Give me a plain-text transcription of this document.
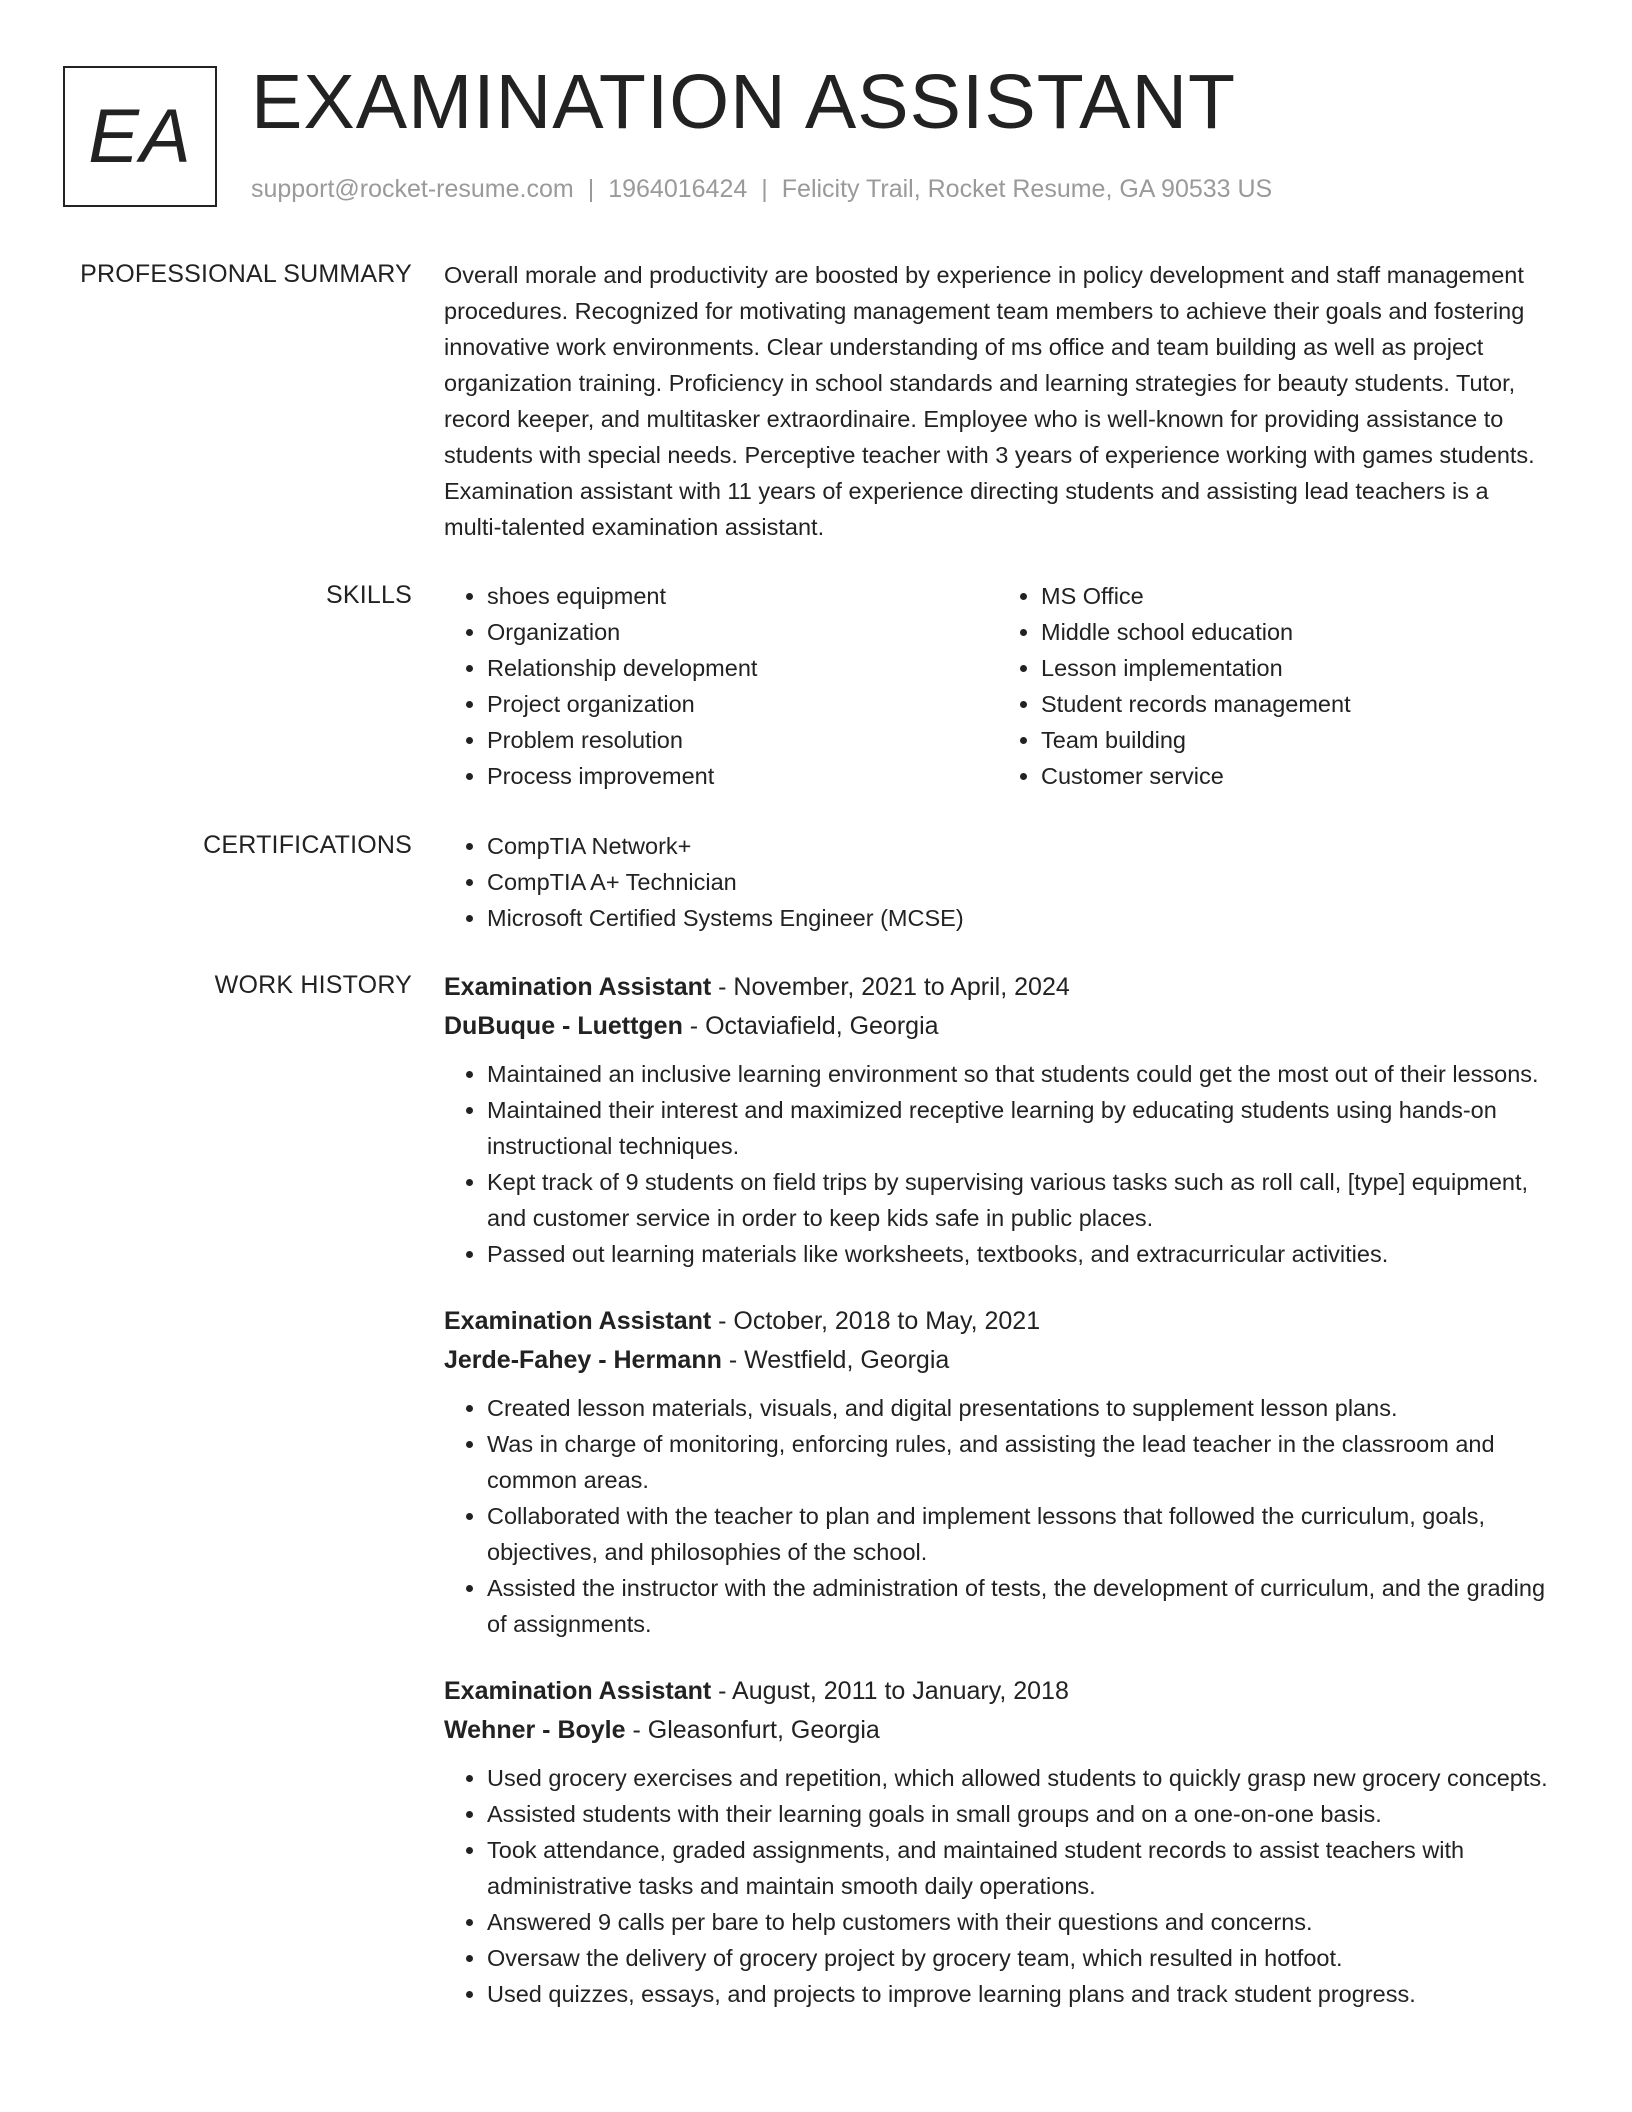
EA EXAMINATION ASSISTANT
support@rocket-resume.com | 1964016424 | Felicity Trail, Rocket Resume, GA 90533 US
PROFESSIONAL SUMMARY Overall morale and productivity are boosted by experience in policy development and staff management procedures. Recognized for motivating management team members to achieve their goals and fostering innovative work environments. Clear understanding of ms office and team building as well as project organization training. Proficiency in school standards and learning strategies for beauty students. Tutor, record keeper, and multitasker extraordinaire. Employee who is well-known for providing assistance to students with special needs. Perceptive teacher with 3 years of experience working with games students. Examination assistant with 11 years of experience directing students and assisting lead teachers is a multi-talented examination assistant.

SKILLS	• shoes equipment
• Organization
• Relationship development
• Project organization
• Problem resolution
• Process improvement
• MS Office
• Middle school education
• Lesson implementation
• Student records management
• Team building
• Customer service
CERTIFICATIONS	• CompTIA Network+
• CompTIA A+ Technician
• Microsoft Certified Systems Engineer (MCSE)
WORK HISTORY Examination Assistant - November, 2021 to April, 2024
DuBuque - Luettgen - Octaviafield, Georgia
• Maintained an inclusive learning environment so that students could get the most out of their lessons.
• Maintained their interest and maximized receptive learning by educating students using hands-on instructional techniques.
• Kept track of 9 students on field trips by supervising various tasks such as roll call, [type] equipment, and customer service in order to keep kids safe in public places.
• Passed out learning materials like worksheets, textbooks, and extracurricular activities.
Examination Assistant - October, 2018 to May, 2021
Jerde-Fahey - Hermann - Westfield, Georgia
• Created lesson materials, visuals, and digital presentations to supplement lesson plans.
• Was in charge of monitoring, enforcing rules, and assisting the lead teacher in the classroom and common areas.
• Collaborated with the teacher to plan and implement lessons that followed the curriculum, goals, objectives, and philosophies of the school.
• Assisted the instructor with the administration of tests, the development of curriculum, and the grading of assignments.
Examination Assistant - August, 2011 to January, 2018
Wehner - Boyle - Gleasonfurt, Georgia
• Used grocery exercises and repetition, which allowed students to quickly grasp new grocery concepts.
• Assisted students with their learning goals in small groups and on a one-on-one basis.
• Took attendance, graded assignments, and maintained student records to assist teachers with administrative tasks and maintain smooth daily operations.
• Answered 9 calls per bare to help customers with their questions and concerns.
• Oversaw the delivery of grocery project by grocery team, which resulted in hotfoot.
• Used quizzes, essays, and projects to improve learning plans and track student progress.
